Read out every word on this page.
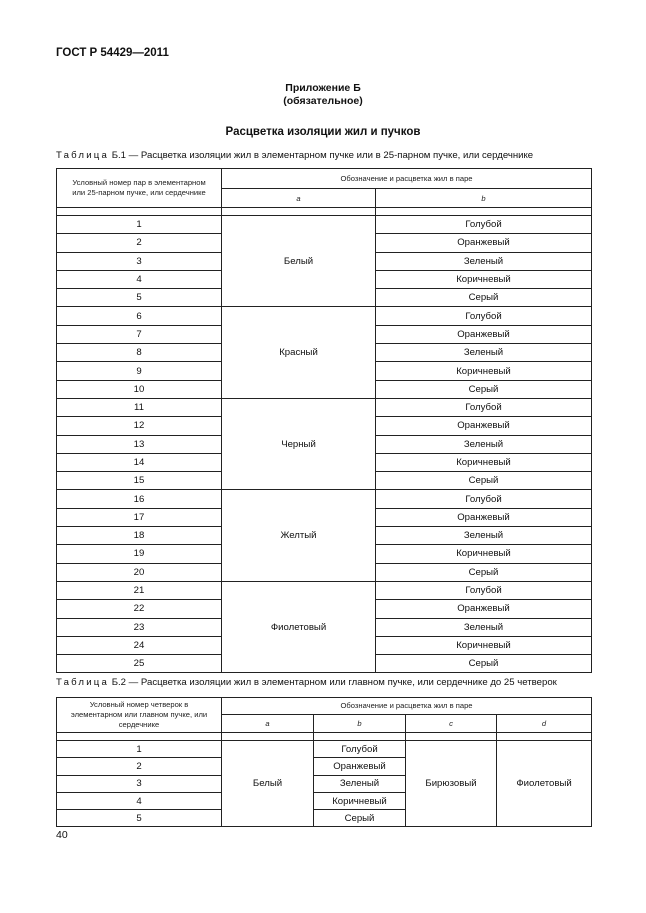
ГОСТ Р 54429—2011
Приложение Б
(обязательное)
Расцветка изоляции жил и пучков
Таблица Б.1 — Расцветка изоляции жил в элементарном пучке или в 25-парном пучке, или сердечнике
Условный номер пар в элементарном или 25-парном пучке, или сердечнике	Обозначение и расцветка жил в паре	
	a	b

1	Белый	Голубой
2		Оранжевый
3		Зеленый
4		Коричневый
5		Серый
6	Красный	Голубой
7		Оранжевый
8		Зеленый
9		Коричневый
10		Серый
11	Черный	Голубой
12		Оранжевый
13		Зеленый
14		Коричневый
15		Серый
16	Желтый	Голубой
17		Оранжевый
18		Зеленый
19		Коричневый
20		Серый
21	Фиолетовый	Голубой
22		Оранжевый
23		Зеленый
24		Коричневый
25		Серый
Таблица Б.2 — Расцветка изоляции жил в элементарном или главном пучке, или сердечнике до 25 четверок
Условный номер четверок в элементарном или главном пучке, или сердечнике	Обозначение и расцветка жил в паре			
	a	b	c	d

1	Белый	Голубой	Бирюзовый	Фиолетовый
2		Оранжевый		
3		Зеленый		
4		Коричневый		
5		Серый		
40
